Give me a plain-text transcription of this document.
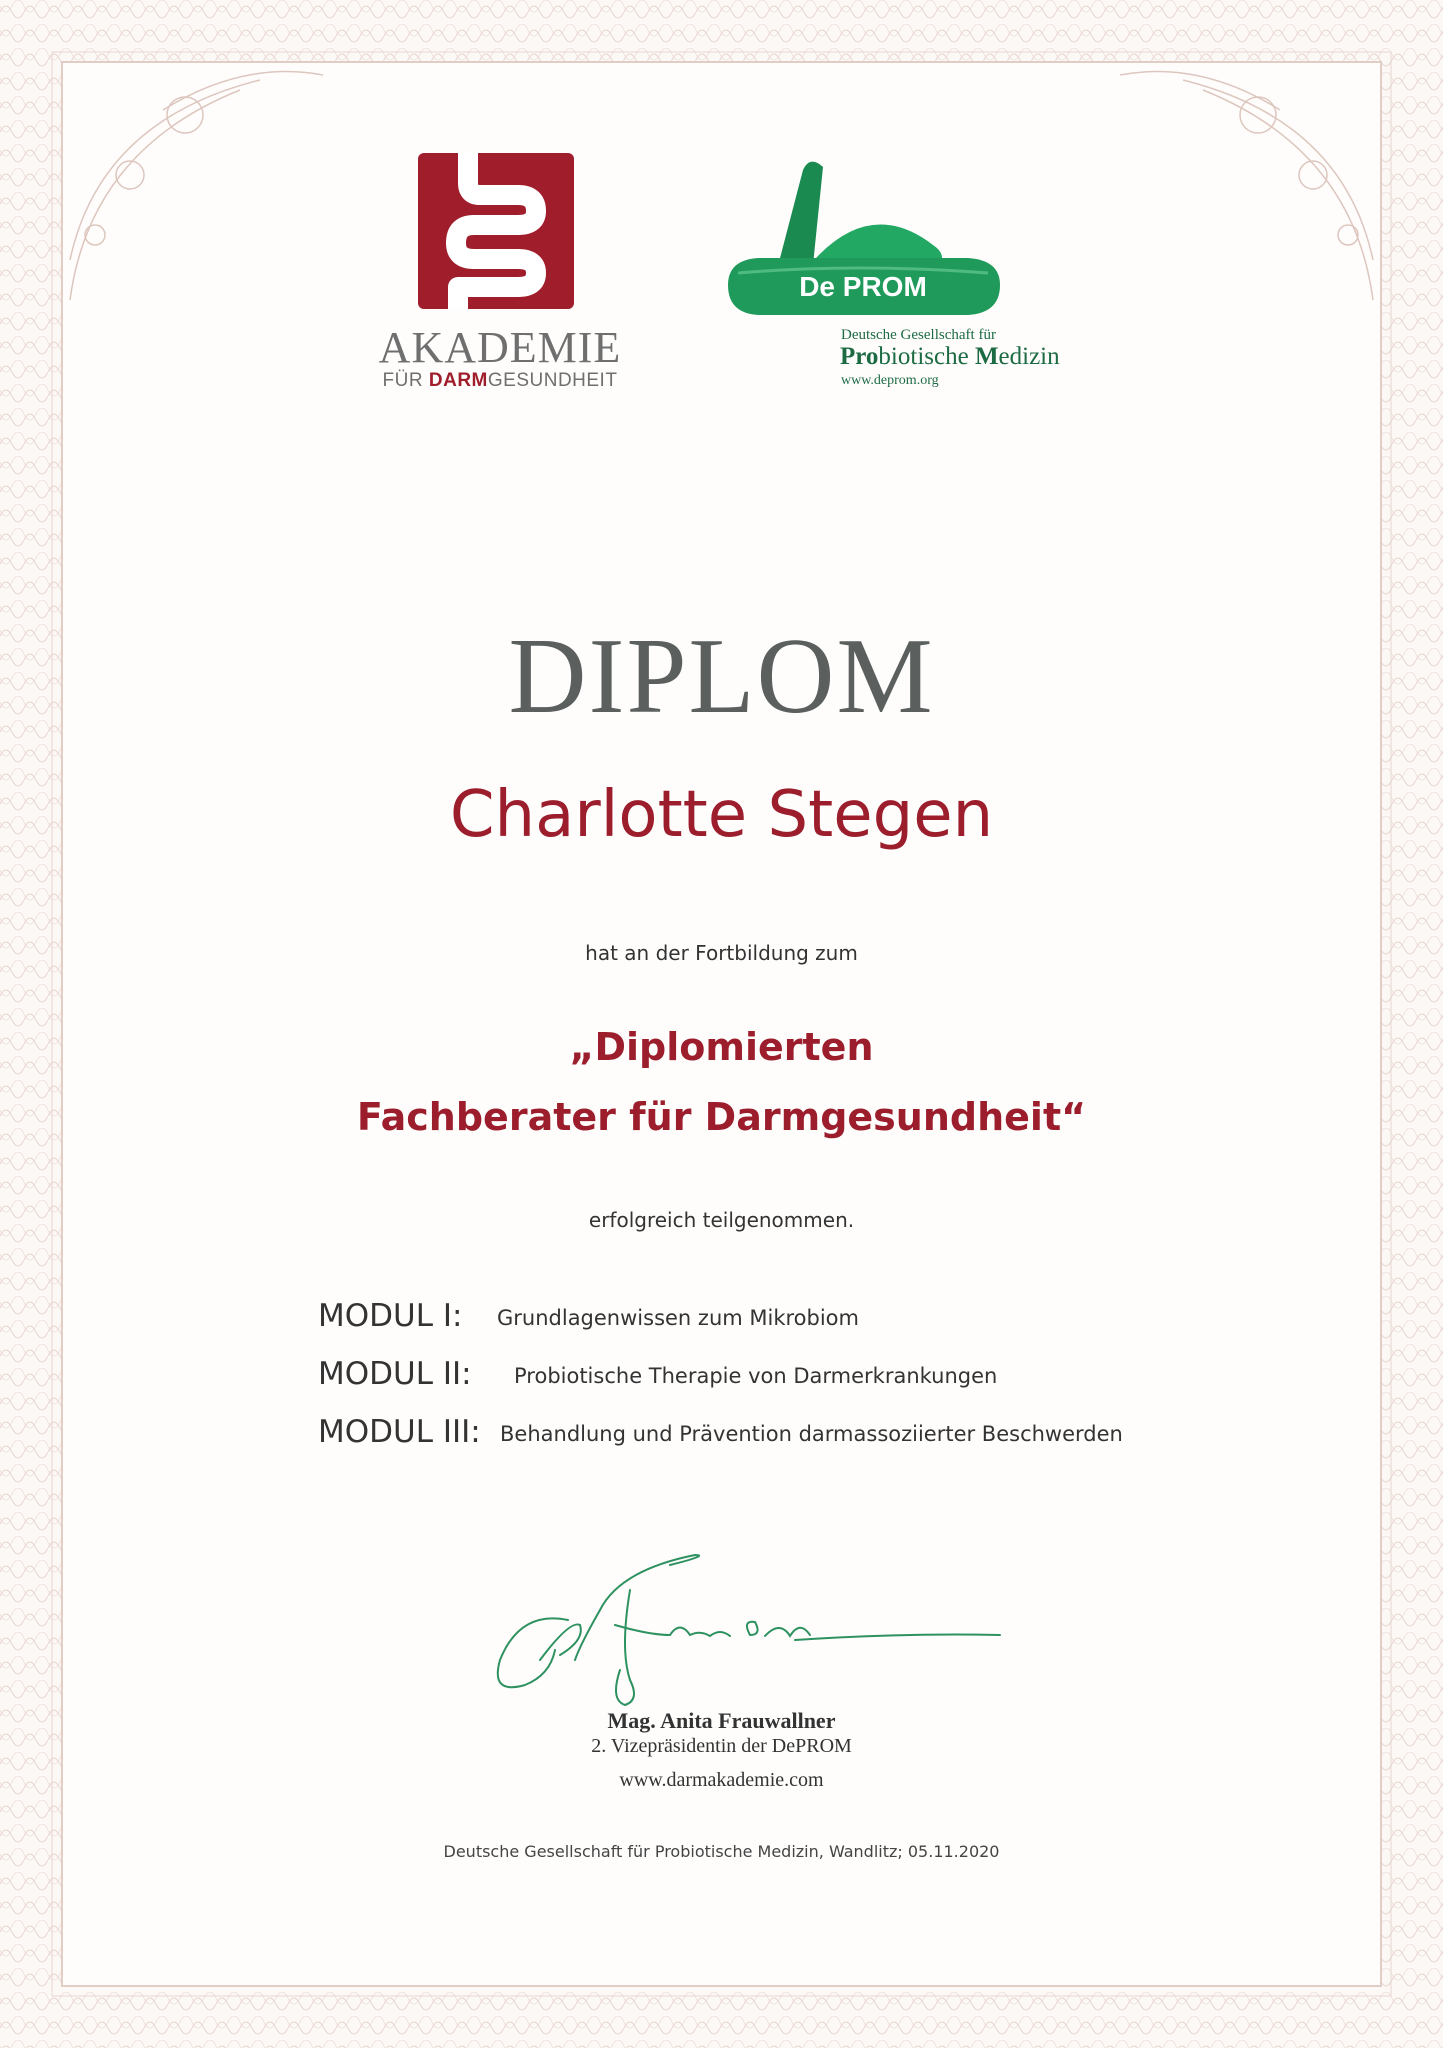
AKADEMIE
FÜR DARMGESUNDHEIT
De PROM
Deutsche Gesellschaft für
Probiotische Medizin
www.deprom.org
DIPLOM
Charlotte Stegen
hat an der Fortbildung zum
„Diplomierten
Fachberater für Darmgesundheit“
erfolgreich teilgenommen.
MODUL I: Grundlagenwissen zum Mikrobiom
MODUL II: Probiotische Therapie von Darmerkrankungen
MODUL III: Behandlung und Prävention darmassoziierter Beschwerden
Mag. Anita Frauwallner
2. Vizepräsidentin der DePROM
www.darmakademie.com
Deutsche Gesellschaft für Probiotische Medizin, Wandlitz; 05.11.2020
